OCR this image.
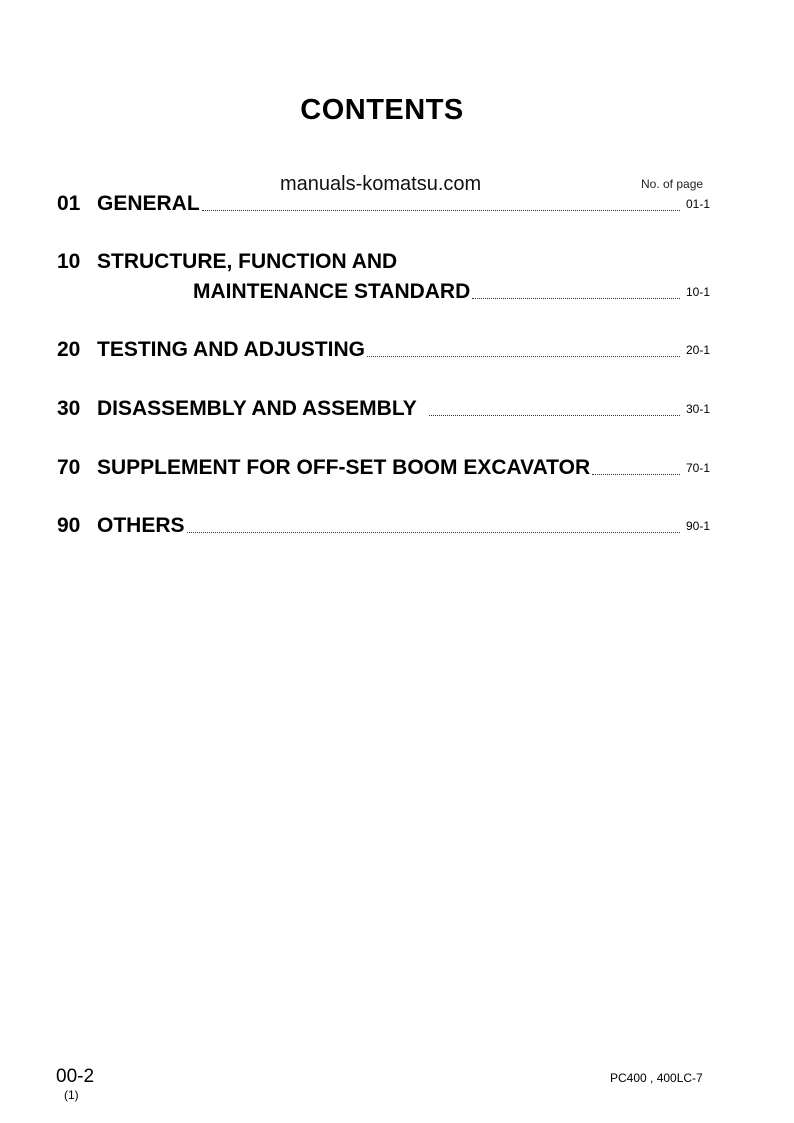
CONTENTS
manuals-komatsu.com	No. of page
01 GENERAL	01-1
10 STRUCTURE, FUNCTION AND
MAINTENANCE STANDARD	10-1
20 TESTING AND ADJUSTING	20-1
30 DISASSEMBLY AND ASSEMBLY	30-1
70 SUPPLEMENT FOR OFF-SET BOOM EXCAVATOR	70-1
90 OTHERS	90-1
00-2
(1)
PC400 , 400LC-7
